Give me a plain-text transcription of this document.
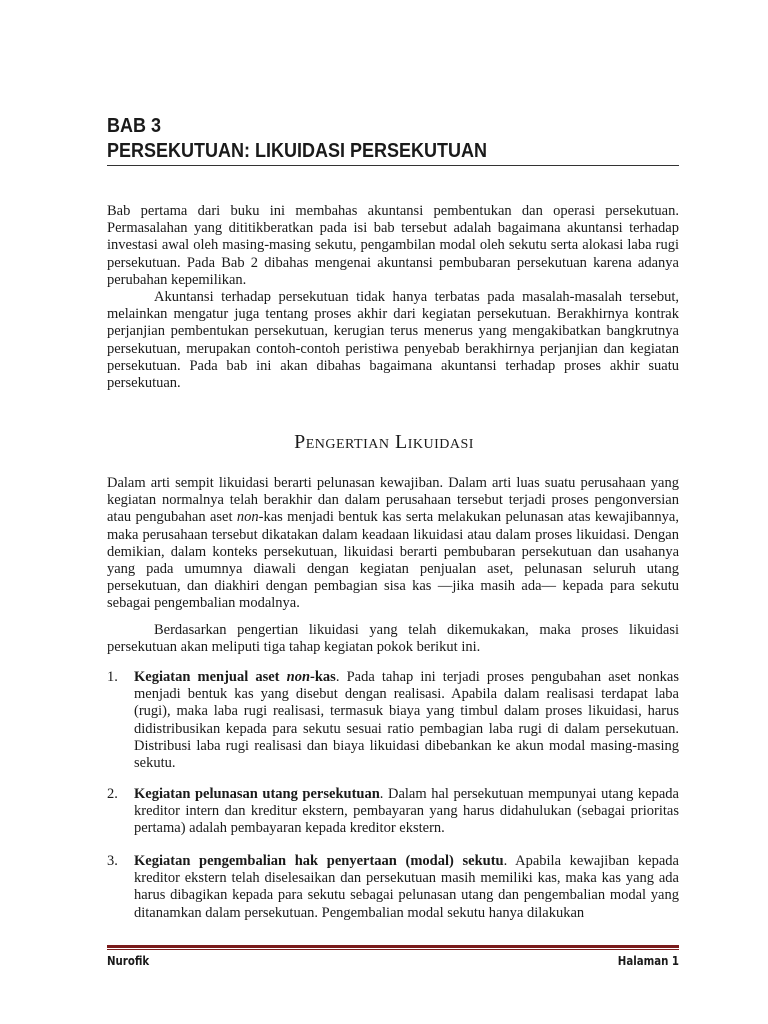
BAB 3
PERSEKUTUAN: LIKUIDASI PERSEKUTUAN

Bab pertama dari buku ini membahas akuntansi pembentukan dan operasi persekutuan. Permasalahan yang dititikberatkan pada isi bab tersebut adalah bagaimana akuntansi terhadap investasi awal oleh masing-masing sekutu, pengambilan modal oleh sekutu serta alokasi laba rugi persekutuan. Pada Bab 2 dibahas mengenai akuntansi pembubaran persekutuan karena adanya perubahan kepemilikan.

Akuntansi terhadap persekutuan tidak hanya terbatas pada masalah-masalah tersebut, melainkan mengatur juga tentang proses akhir dari kegiatan persekutuan. Berakhirnya kontrak perjanjian pembentukan persekutuan, kerugian terus menerus yang mengakibatkan bangkrutnya persekutuan, merupakan contoh-contoh peristiwa penyebab berakhirnya perjanjian dan kegiatan persekutuan. Pada bab ini akan dibahas bagaimana akuntansi terhadap proses akhir suatu persekutuan.

Pengertian Likuidasi

Dalam arti sempit likuidasi berarti pelunasan kewajiban. Dalam arti luas suatu perusahaan yang kegiatan normalnya telah berakhir dan dalam perusahaan tersebut terjadi proses pengonversian atau pengubahan aset non-kas menjadi bentuk kas serta melakukan pelunasan atas kewajibannya, maka perusahaan tersebut dikatakan dalam keadaan likuidasi atau dalam proses likuidasi. Dengan demikian, dalam konteks persekutuan, likuidasi berarti pembubaran persekutuan dan usahanya yang pada umumnya diawali dengan kegiatan penjualan aset, pelunasan seluruh utang persekutuan, dan diakhiri dengan pembagian sisa kas —jika masih ada— kepada para sekutu sebagai pengembalian modalnya.

Berdasarkan pengertian likuidasi yang telah dikemukakan, maka proses likuidasi persekutuan akan meliputi tiga tahap kegiatan pokok berikut ini.

1. Kegiatan menjual aset non-kas. Pada tahap ini terjadi proses pengubahan aset nonkas menjadi bentuk kas yang disebut dengan realisasi. Apabila dalam realisasi terdapat laba (rugi), maka laba rugi realisasi, termasuk biaya yang timbul dalam proses likuidasi, harus didistribusikan kepada para sekutu sesuai ratio pembagian laba rugi di dalam persekutuan. Distribusi laba rugi realisasi dan biaya likuidasi dibebankan ke akun modal masing-masing sekutu.
2. Kegiatan pelunasan utang persekutuan. Dalam hal persekutuan mempunyai utang kepada kreditor intern dan kreditur ekstern, pembayaran yang harus didahulukan (sebagai prioritas pertama) adalah pembayaran kepada kreditor ekstern.
3. Kegiatan pengembalian hak penyertaan (modal) sekutu. Apabila kewajiban kepada kreditor ekstern telah diselesaikan dan persekutuan masih memiliki kas, maka kas yang ada harus dibagikan kepada para sekutu sebagai pelunasan utang dan pengembalian modal yang ditanamkan dalam persekutuan. Pengembalian modal sekutu hanya dilakukan
Nurofik	Halaman 1
